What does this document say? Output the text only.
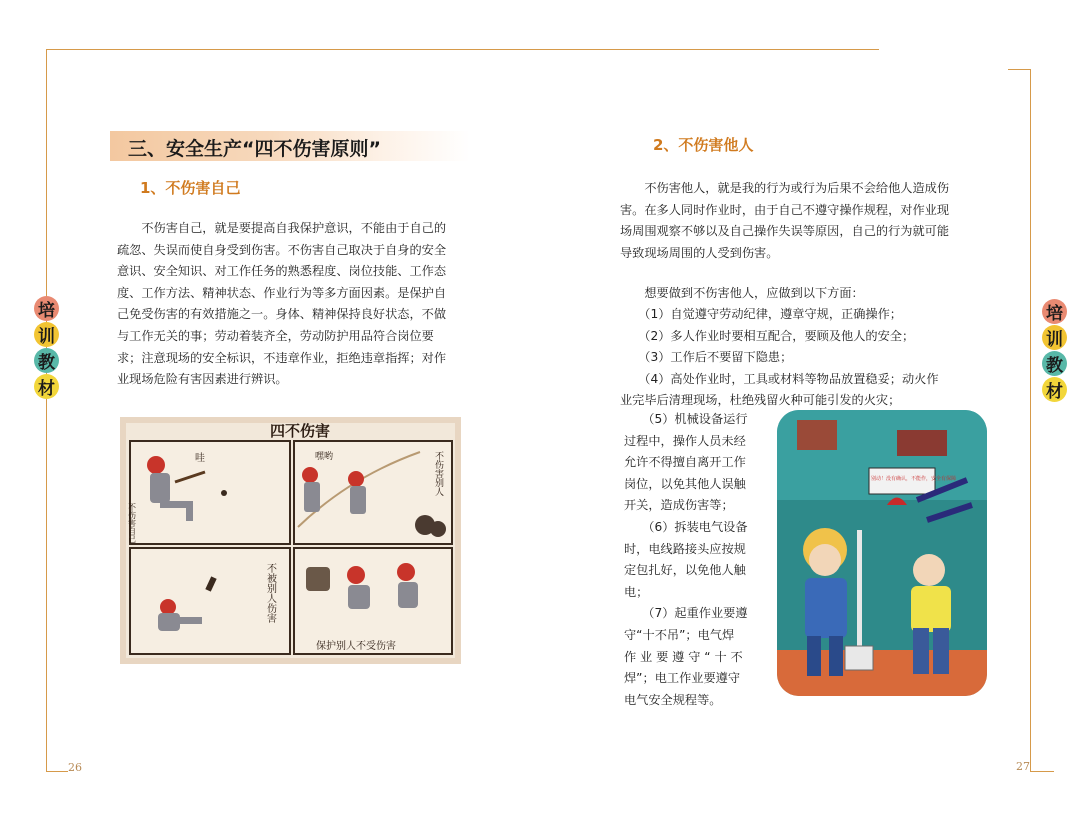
三、安全生产“四不伤害原则”
1、不伤害自己

　　不伤害自己，就是要提高自我保护意识，不能由于自己的

疏忽、失误而使自身受到伤害。不伤害自己取决于自身的安全

意识、安全知识、对工作任务的熟悉程度、岗位技能、工作态

度、工作方法、精神状态、作业行为等多方面因素。是保护自

己免受伤害的有效措施之一。身体、精神保持良好状态，不做

与工作无关的事；劳动着装齐全，劳动防护用品符合岗位要

求；注意现场的安全标识，不违章作业，拒绝违章指挥；对作

业现场危险有害因素进行辨识。

培
训
教
材
四不伤害
哇
不伤害自己
嘿哟	不伤害别人
不被别人伤害
保护别人不受伤害
26
2、不伤害他人

　　不伤害他人，就是我的行为或行为后果不会给他人造成伤

害。在多人同时作业时，由于自己不遵守操作规程，对作业现

场周围观察不够以及自己操作失误等原因，自己的行为就可能

导致现场周围的人受到伤害。

　　想要做到不伤害他人，应做到以下方面：

　　（1）自觉遵守劳动纪律，遵章守规，正确操作；

　　（2）多人作业时要相互配合，要顾及他人的安全；

　　（3）工作后不要留下隐患；

　　（4）高处作业时，工具或材料等物品放置稳妥；动火作

业完毕后清理现场，杜绝残留火种可能引发的火灾；

　　（5）机械设备运行

过程中，操作人员未经

允许不得擅自离开工作

岗位，以免其他人误触

开关，造成伤害等；

　　（6）拆装电气设备

时，电线路接头应按规

定包扎好，以免他人触

电；

　　（7）起重作业要遵

守“十不吊”；电气焊

作 业 要 遵 守 “ 十 不

焊”；电工作业要遵守

电气安全规程等。

别动！没有确认，不能作，安全有保障
培
训
教
材
27
